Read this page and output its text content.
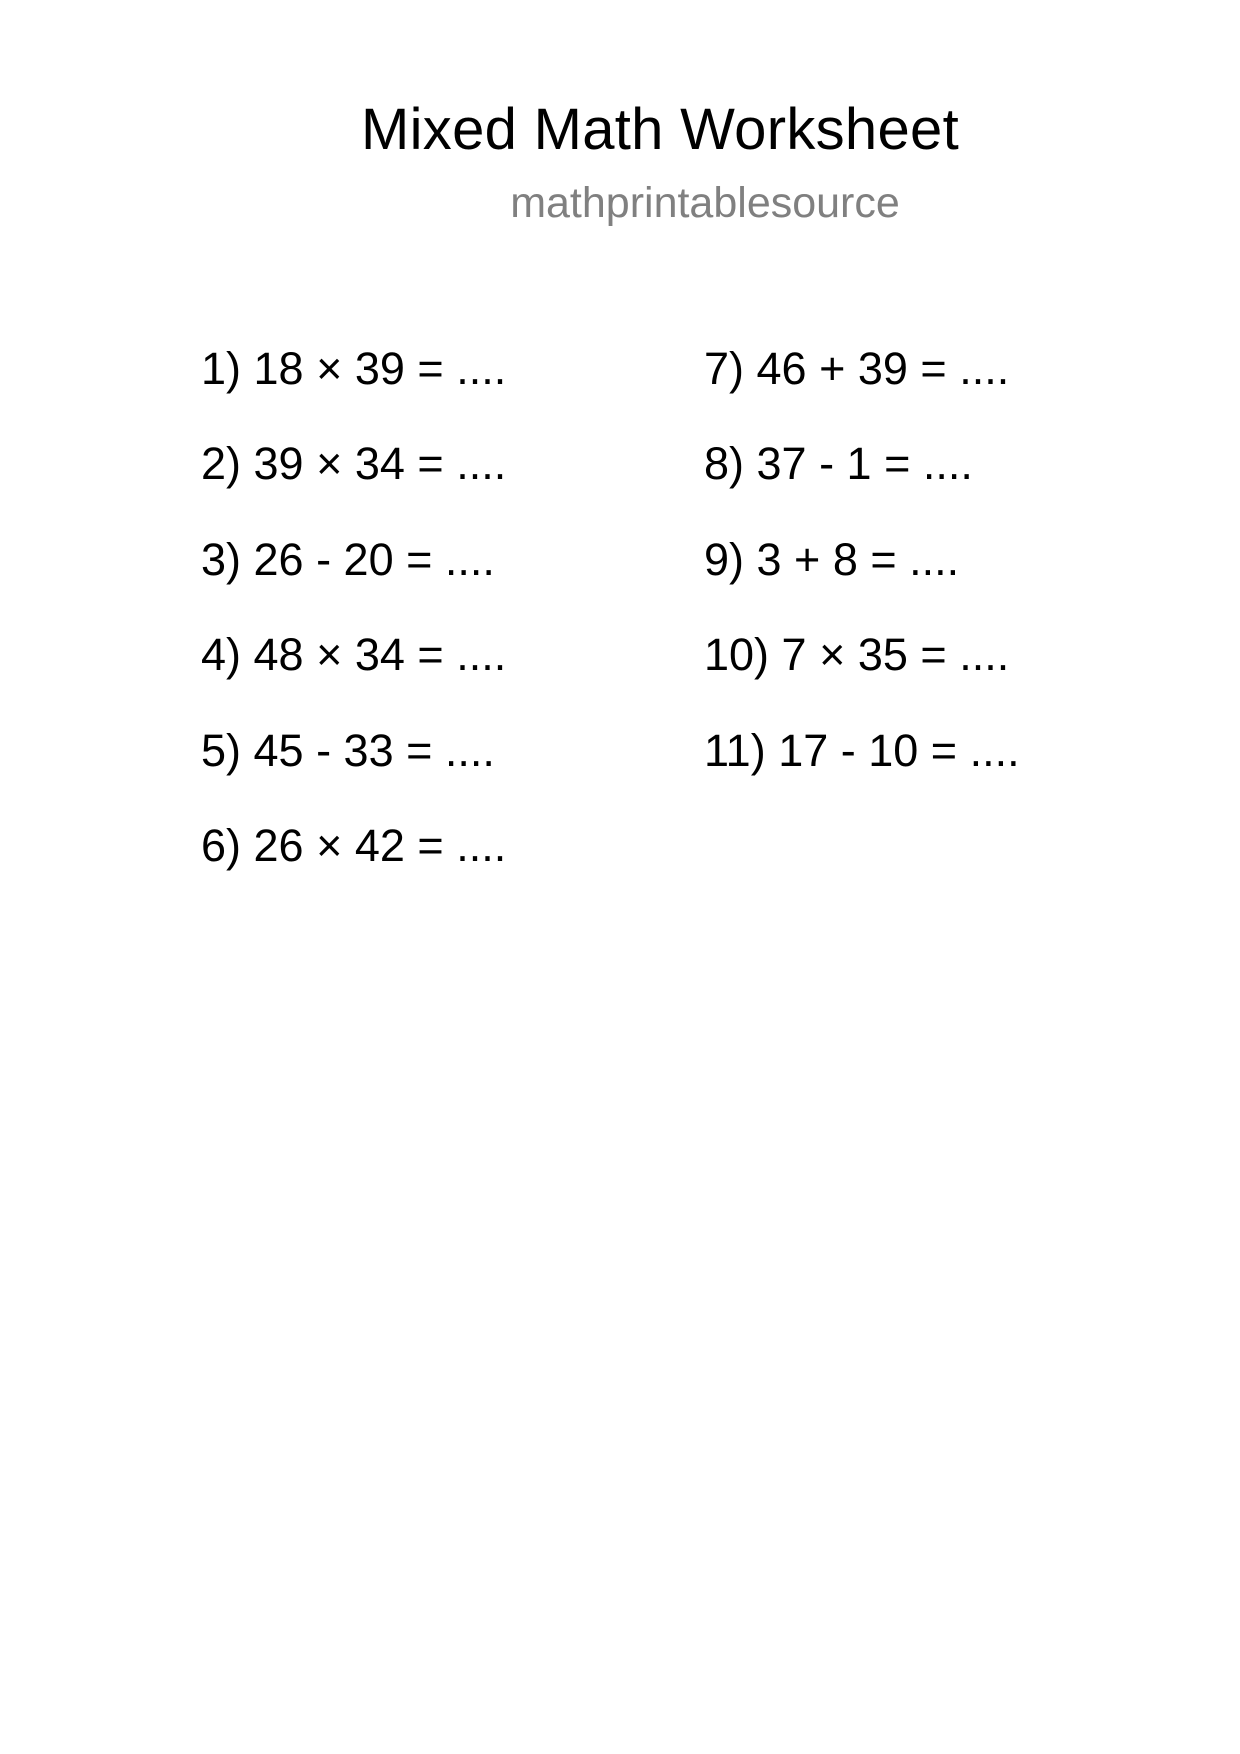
Mixed Math Worksheet
mathprintablesource
1) 18 × 39 = ....
2) 39 × 34 = ....
3) 26 - 20 = ....
4) 48 × 34 = ....
5) 45 - 33 = ....
6) 26 × 42 = ....
7) 46 + 39 = ....
8) 37 - 1 = ....
9) 3 + 8 = ....
10) 7 × 35 = ....
11) 17 - 10 = ....
